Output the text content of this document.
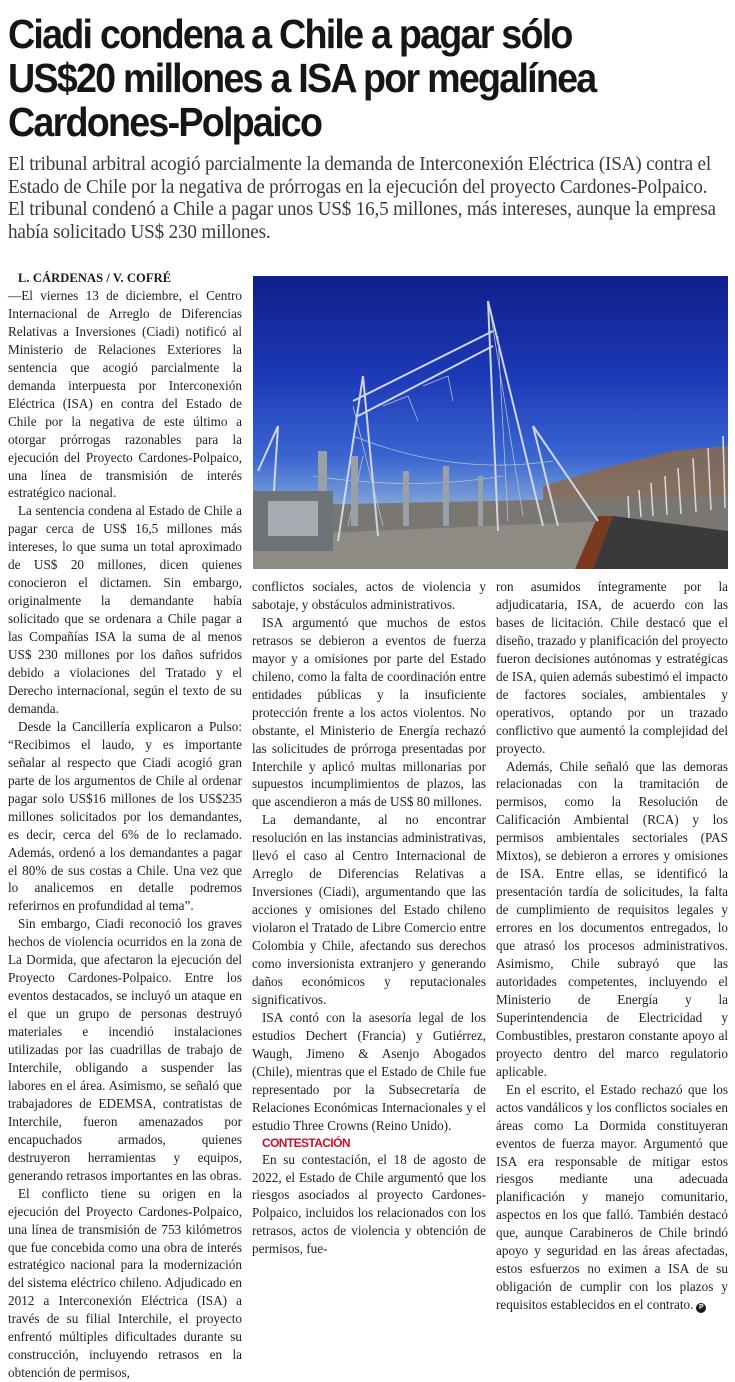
Ciadi condena a Chile a pagar sólo US$20 millones a ISA por megalínea Cardones-Polpaico

El tribunal arbitral acogió parcialmente la demanda de Interconexión Eléctrica (ISA) contra el Estado de Chile por la negativa de prórrogas en la ejecución del proyecto Cardones-Polpaico. El tribunal condenó a Chile a pagar unos US$ 16,5 millones, más intereses, aunque la empresa había solicitado US$ 230 millones.

L. CÁRDENAS / V. COFRÉ

—El viernes 13 de diciembre, el Centro Internacional de Arreglo de Diferencias Relativas a Inversiones (Ciadi) notificó al Ministerio de Relaciones Exteriores la sentencia que acogió parcialmente la demanda interpuesta por Interconexión Eléctrica (ISA) en contra del Estado de Chile por la negativa de este último a otorgar prórrogas razonables para la ejecución del Proyecto Cardones-Polpaico, una línea de transmisión de interés estratégico nacional.

La sentencia condena al Estado de Chile a pagar cerca de US$ 16,5 millones más intereses, lo que suma un total aproximado de US$ 20 millones, dicen quienes conocieron el dictamen. Sin embargo, originalmente la demandante había solicitado que se ordenara a Chile pagar a las Compañías ISA la suma de al menos US$ 230 millones por los daños sufridos debido a violaciones del Tratado y el Derecho internacional, según el texto de su demanda.

Desde la Cancillería explicaron a Pulso: “Recibimos el laudo, y es importante señalar al respecto que Ciadi acogió gran parte de los argumentos de Chile al ordenar pagar solo US$16 millones de los US$235 millones solicitados por los demandantes, es decir, cerca del 6% de lo reclamado. Además, ordenó a los demandantes a pagar el 80% de sus costas a Chile. Una vez que lo analicemos en detalle podremos referirnos en profundidad al tema”.

Sin embargo, Ciadi reconoció los graves hechos de violencia ocurridos en la zona de La Dormida, que afectaron la ejecución del Proyecto Cardones-Polpaico. Entre los eventos destacados, se incluyó un ataque en el que un grupo de personas destruyó materiales e incendió instalaciones utilizadas por las cuadrillas de trabajo de Interchile, obligando a suspender las labores en el área. Asimismo, se señaló que trabajadores de EDEMSA, contratistas de Interchile, fueron amenazados por encapuchados armados, quienes destruyeron herramientas y equipos, generando retrasos importantes en las obras.

El conflicto tiene su origen en la ejecución del Proyecto Cardones-Polpaico, una línea de transmisión de 753 kilómetros que fue concebida como una obra de interés estratégico nacional para la modernización del sistema eléctrico chileno. Adjudicado en 2012 a Interconexión Eléctrica (ISA) a través de su filial Interchile, el proyecto enfrentó múltiples dificultades durante su construcción, incluyendo retrasos en la obtención de permisos,

conflictos sociales, actos de violencia y sabotaje, y obstáculos administrativos.

ISA argumentó que muchos de estos retrasos se debieron a eventos de fuerza mayor y a omisiones por parte del Estado chileno, como la falta de coordinación entre entidades públicas y la insuficiente protección frente a los actos violentos. No obstante, el Ministerio de Energía rechazó las solicitudes de prórroga presentadas por Interchile y aplicó multas millonarias por supuestos incumplimientos de plazos, las que ascendieron a más de US$ 80 millones.

La demandante, al no encontrar resolución en las instancias administrativas, llevó el caso al Centro Internacional de Arreglo de Diferencias Relativas a Inversiones (Ciadi), argumentando que las acciones y omisiones del Estado chileno violaron el Tratado de Libre Comercio entre Colombia y Chile, afectando sus derechos como inversionista extranjero y generando daños económicos y reputacionales significativos.

ISA contó con la asesoría legal de los estudios Dechert (Francia) y Gutiérrez, Waugh, Jimeno & Asenjo Abogados (Chile), mientras que el Estado de Chile fue representado por la Subsecretaría de Relaciones Económicas Internacionales y el estudio Three Crowns (Reino Unido).

CONTESTACIÓN

En su contestación, el 18 de agosto de 2022, el Estado de Chile argumentó que los riesgos asociados al proyecto Cardones-Polpaico, incluidos los relacionados con los retrasos, actos de violencia y obtención de permisos, fue-

ron asumidos íntegramente por la adjudicataria, ISA, de acuerdo con las bases de licitación. Chile destacó que el diseño, trazado y planificación del proyecto fueron decisiones autónomas y estratégicas de ISA, quien además subestimó el impacto de factores sociales, ambientales y operativos, optando por un trazado conflictivo que aumentó la complejidad del proyecto.

Además, Chile señaló que las demoras relacionadas con la tramitación de permisos, como la Resolución de Calificación Ambiental (RCA) y los permisos ambientales sectoriales (PAS Mixtos), se debieron a errores y omisiones de ISA. Entre ellas, se identificó la presentación tardía de solicitudes, la falta de cumplimiento de requisitos legales y errores en los documentos entregados, lo que atrasó los procesos administrativos. Asimismo, Chile subrayó que las autoridades competentes, incluyendo el Ministerio de Energía y la Superintendencia de Electricidad y Combustibles, prestaron constante apoyo al proyecto dentro del marco regulatorio aplicable.

En el escrito, el Estado rechazó que los actos vandálicos y los conflictos sociales en áreas como La Dormida constituyeran eventos de fuerza mayor. Argumentó que ISA era responsable de mitigar estos riesgos mediante una adecuada planificación y manejo comunitario, aspectos en los que falló. También destacó que, aunque Carabineros de Chile brindó apoyo y seguridad en las áreas afectadas, estos esfuerzos no eximen a ISA de su obligación de cumplir con los plazos y requisitos establecidos en el contrato. P
